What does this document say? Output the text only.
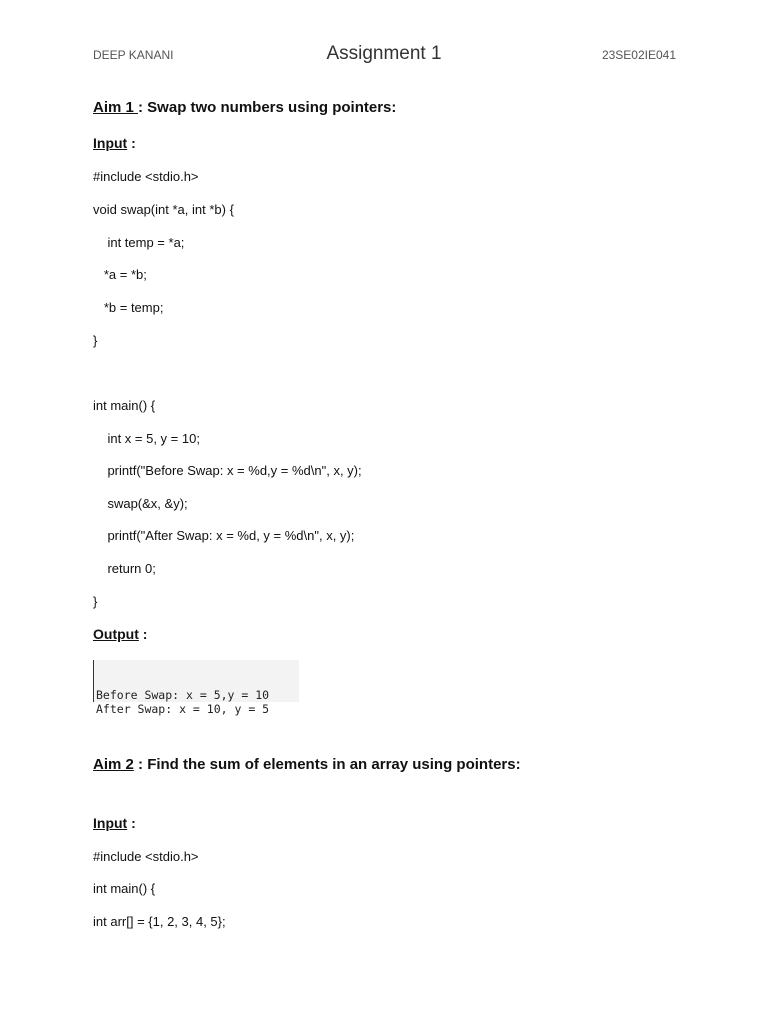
DEEP KANANI	Assignment 1	23SE02IE041
Aim 1 : Swap two numbers using pointers:
Input :
#include <stdio.h>
void swap(int *a, int *b) {
int temp = *a;
*a = *b;
*b = temp;
}
int main() {
int x = 5, y = 10;
printf("Before Swap: x = %d,y = %d\n", x, y);
swap(&x, &y);
printf("After Swap: x = %d, y = %d\n", x, y);
return 0;
}
Output :

Before Swap: x = 5,y = 10
After Swap: x = 10, y = 5

Aim 2 : Find the sum of elements in an array using pointers:
Input :
#include <stdio.h>
int main() {
int arr[] = {1, 2, 3, 4, 5};
